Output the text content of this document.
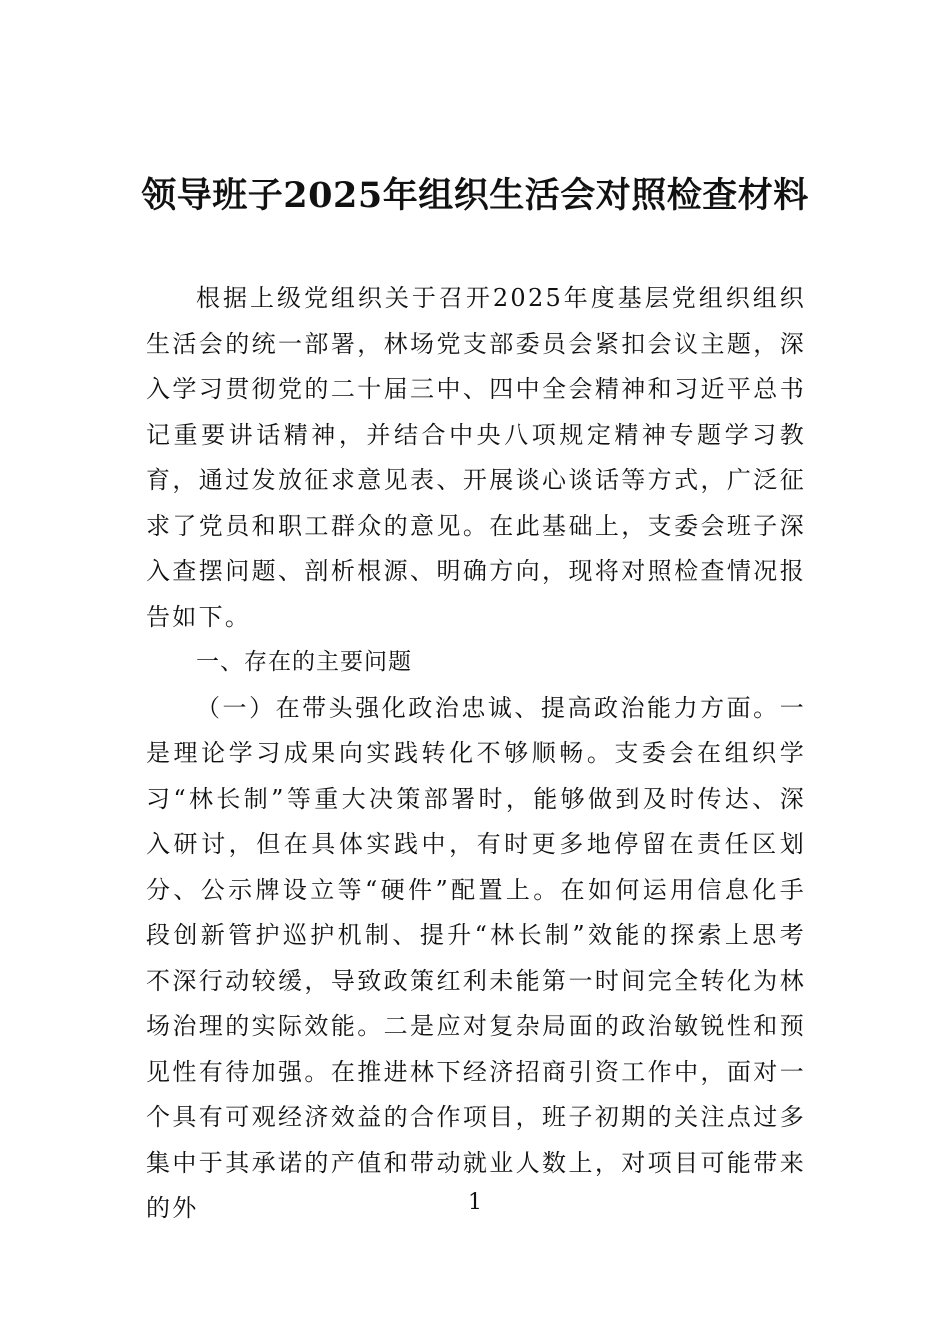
领导班子2025年组织生活会对照检查材料

根据上级党组织关于召开2025年度基层党组织组织生活会的统一部署，林场党支部委员会紧扣会议主题，深入学习贯彻党的二十届三中、四中全会精神和习近平总书记重要讲话精神，并结合中央八项规定精神专题学习教育，通过发放征求意见表、开展谈心谈话等方式，广泛征求了党员和职工群众的意见。在此基础上，支委会班子深入查摆问题、剖析根源、明确方向，现将对照检查情况报告如下。

一、存在的主要问题

（一）在带头强化政治忠诚、提高政治能力方面。一是理论学习成果向实践转化不够顺畅。支委会在组织学习“林长制”等重大决策部署时，能够做到及时传达、深入研讨，但在具体实践中，有时更多地停留在责任区划分、公示牌设立等“硬件”配置上。在如何运用信息化手段创新管护巡护机制、提升“林长制”效能的探索上思考不深行动较缓，导致政策红利未能第一时间完全转化为林场治理的实际效能。二是应对复杂局面的政治敏锐性和预见性有待加强。在推进林下经济招商引资工作中，面对一个具有可观经济效益的合作项目，班子初期的关注点过多集中于其承诺的产值和带动就业人数上，对项目可能带来的外	1
